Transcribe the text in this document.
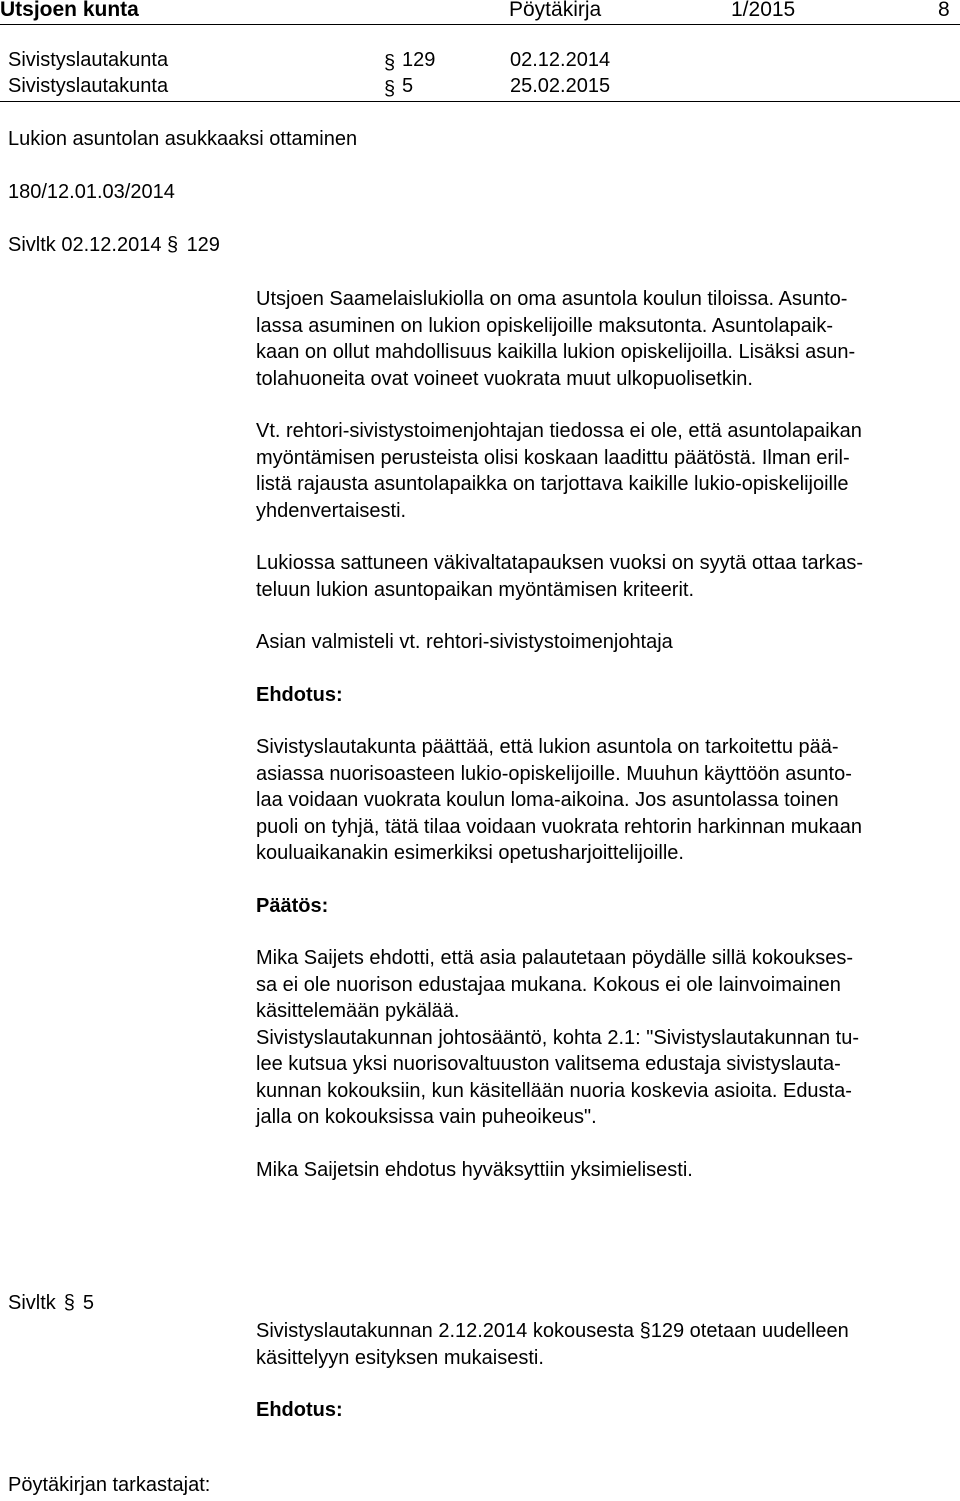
Utsjoen kunta	Pöytäkirja	1/2015	8
Sivistyslautakunta	§ 129	02.12.2014
Sivistyslautakunta	§ 5	25.02.2015
Lukion asuntolan asukkaaksi ottaminen
180/12.01.03/2014
Sivltk 02.12.2014 § 129

Utsjoen Saamelaislukiolla on oma asuntola koulun tiloissa. Asunto-
lassa asuminen on lukion opiskelijoille maksutonta. Asuntolapaik-
kaan on ollut mahdollisuus kaikilla lukion opiskelijoilla. Lisäksi asun-
tolahuoneita ovat voineet vuokrata muut ulkopuolisetkin.

Vt. rehtori-sivistystoimenjohtajan tiedossa ei ole, että asuntolapaikan
myöntämisen perusteista olisi koskaan laadittu päätöstä. Ilman eril-
listä rajausta asuntolapaikka on tarjottava kaikille lukio-opiskelijoille
yhdenvertaisesti.

Lukiossa sattuneen väkivaltatapauksen vuoksi on syytä ottaa tarkas-
teluun lukion asuntopaikan myöntämisen kriteerit.

Asian valmisteli vt. rehtori-sivistystoimenjohtaja

Ehdotus:

Sivistyslautakunta päättää, että lukion asuntola on tarkoitettu pää-
asiassa nuorisoasteen lukio-opiskelijoille. Muuhun käyttöön asunto-
laa voidaan vuokrata koulun loma-aikoina. Jos asuntolassa toinen
puoli on tyhjä, tätä tilaa voidaan vuokrata rehtorin harkinnan mukaan
kouluaikanakin esimerkiksi opetusharjoittelijoille.

Päätös:

Mika Saijets ehdotti, että asia palautetaan pöydälle sillä kokoukses-
sa ei ole nuorison edustajaa mukana. Kokous ei ole lainvoimainen
käsittelemään pykälää.
Sivistyslautakunnan johtosääntö, kohta 2.1: "Sivistyslautakunnan tu-
lee kutsua yksi nuorisovaltuuston valitsema edustaja sivistyslauta-
kunnan kokouksiin, kun käsitellään nuoria koskevia asioita. Edusta-
jalla on kokouksissa vain puheoikeus".

Mika Saijetsin ehdotus hyväksyttiin yksimielisesti.

Sivltk § 5

Sivistyslautakunnan 2.12.2014 kokousesta §129 otetaan uudelleen
käsittelyyn esityksen mukaisesti.

Ehdotus:

Pöytäkirjan tarkastajat:
